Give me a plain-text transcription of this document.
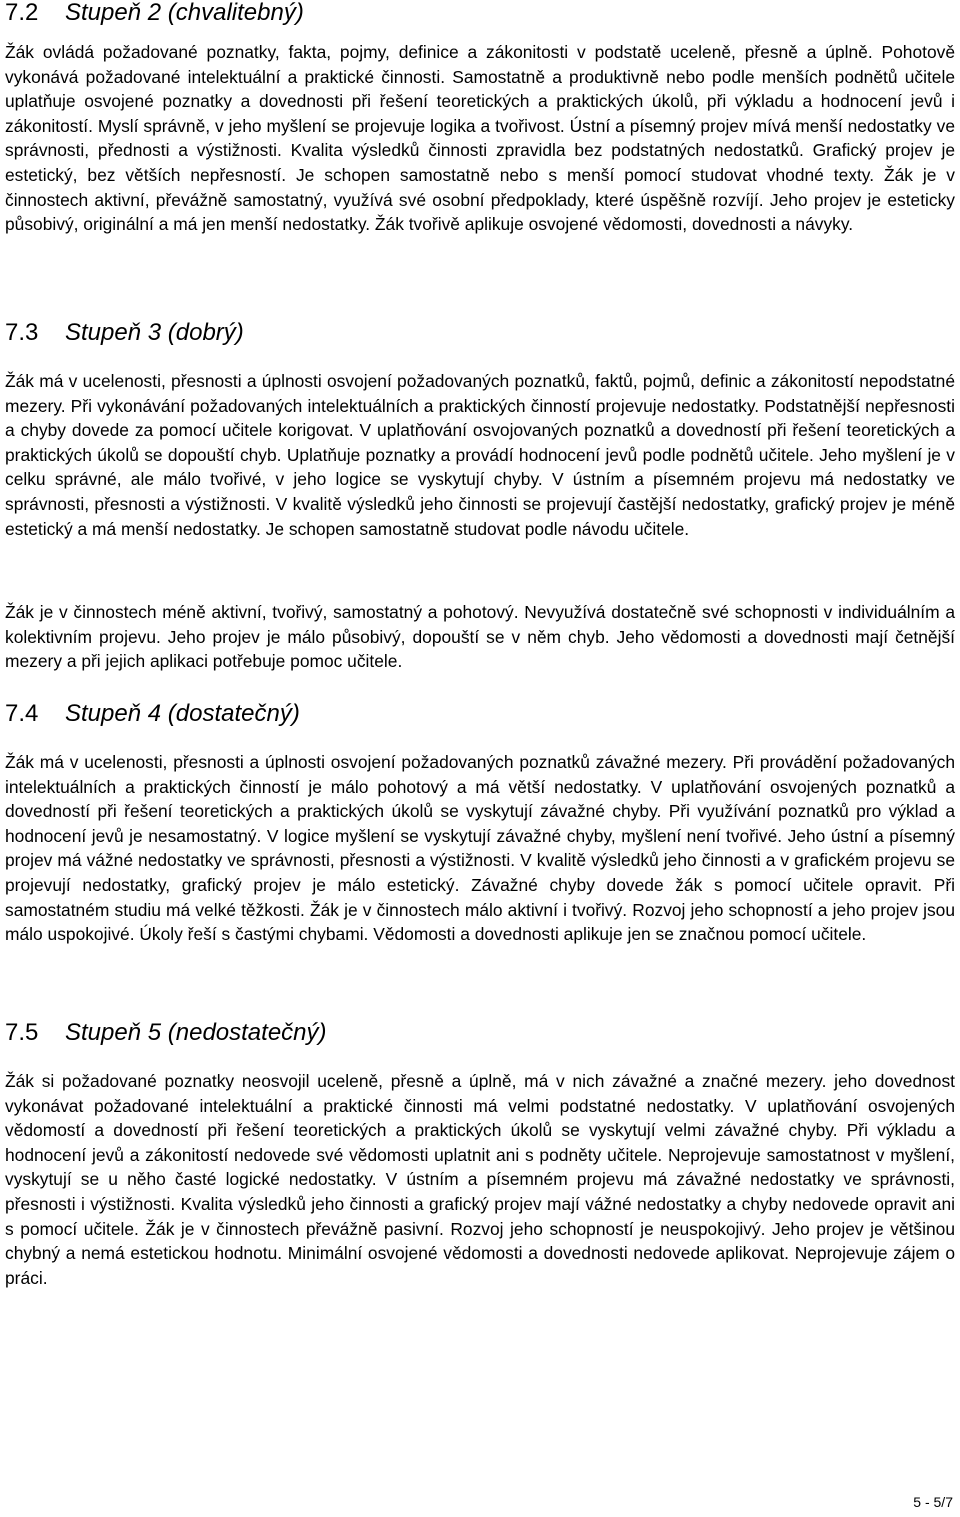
7.2 Stupeň 2 (chvalitebný)

Žák ovládá požadované poznatky, fakta, pojmy, definice a zákonitosti v podstatě uceleně, přesně a úplně. Pohotově vykonává požadované intelektuální a praktické činnosti. Samostatně a produktivně nebo podle menších podnětů učitele uplatňuje osvojené poznatky a dovednosti při řešení teoretických a praktických úkolů, při výkladu a hodnocení jevů i zákonitostí. Myslí správně, v jeho myšlení se projevuje logika a tvořivost. Ústní a písemný projev mívá menší nedostatky ve správnosti, přednosti a výstižnosti. Kvalita výsledků činnosti zpravidla bez podstatných nedostatků. Grafický projev je estetický, bez větších nepřesností. Je schopen samostatně nebo s menší pomocí studovat vhodné texty. Žák je v činnostech aktivní, převážně samostatný, využívá své osobní předpoklady, které úspěšně rozvíjí. Jeho projev je esteticky působivý, originální a má jen menší nedostatky. Žák tvořivě aplikuje osvojené vědomosti, dovednosti a návyky.

7.3 Stupeň 3 (dobrý)

Žák má v ucelenosti, přesnosti a úplnosti osvojení požadovaných poznatků, faktů, pojmů, definic a zákonitostí nepodstatné mezery. Při vykonávání požadovaných intelektuálních a praktických činností projevuje nedostatky. Podstatnější nepřesnosti a chyby dovede za pomocí učitele korigovat. V uplatňování osvojovaných poznatků a dovedností při řešení teoretických a praktických úkolů se dopouští chyb. Uplatňuje poznatky a provádí hodnocení jevů podle podnětů učitele. Jeho myšlení je v celku správné, ale málo tvořivé, v jeho logice se vyskytují chyby. V ústním a písemném projevu má nedostatky ve správnosti, přesnosti a výstižnosti. V kvalitě výsledků jeho činnosti se projevují častější nedostatky, grafický projev je méně estetický a má menší nedostatky. Je schopen samostatně studovat podle návodu učitele.

Žák je v činnostech méně aktivní, tvořivý, samostatný a pohotový. Nevyužívá dostatečně své schopnosti v individuálním a kolektivním projevu. Jeho projev je málo působivý, dopouští se v něm chyb. Jeho vědomosti a dovednosti mají četnější mezery a při jejich aplikaci potřebuje pomoc učitele.

7.4 Stupeň 4 (dostatečný)

Žák má v ucelenosti, přesnosti a úplnosti osvojení požadovaných poznatků závažné mezery. Při provádění požadovaných intelektuálních a praktických činností je málo pohotový a má větší nedostatky. V uplatňování osvojených poznatků a dovedností při řešení teoretických a praktických úkolů se vyskytují závažné chyby. Při využívání poznatků pro výklad a hodnocení jevů je nesamostatný. V logice myšlení se vyskytují závažné chyby, myšlení není tvořivé. Jeho ústní a písemný projev má vážné nedostatky ve správnosti, přesnosti a výstižnosti. V kvalitě výsledků jeho činnosti a v grafickém projevu se projevují nedostatky, grafický projev je málo estetický. Závažné chyby dovede žák s pomocí učitele opravit. Při samostatném studiu má velké těžkosti. Žák je v činnostech málo aktivní i tvořivý. Rozvoj jeho schopností a jeho projev jsou málo uspokojivé. Úkoly řeší s častými chybami. Vědomosti a dovednosti aplikuje jen se značnou pomocí učitele.

7.5 Stupeň 5 (nedostatečný)

Žák si požadované poznatky neosvojil uceleně, přesně a úplně, má v nich závažné a značné mezery. jeho dovednost vykonávat požadované intelektuální a praktické činnosti má velmi podstatné nedostatky. V uplatňování osvojených vědomostí a dovedností při řešení teoretických a praktických úkolů se vyskytují velmi závažné chyby. Při výkladu a hodnocení jevů a zákonitostí nedovede své vědomosti uplatnit ani s podněty učitele. Neprojevuje samostatnost v myšlení, vyskytují se u něho časté logické nedostatky. V ústním a písemném projevu má závažné nedostatky ve správnosti, přesnosti i výstižnosti. Kvalita výsledků jeho činnosti a grafický projev mají vážné nedostatky a chyby nedovede opravit ani s pomocí učitele. Žák je v činnostech převážně pasivní. Rozvoj jeho schopností je neuspokojivý. Jeho projev je většinou chybný a nemá estetickou hodnotu. Minimální osvojené vědomosti a dovednosti nedovede aplikovat. Neprojevuje zájem o práci.

5 - 5/7
